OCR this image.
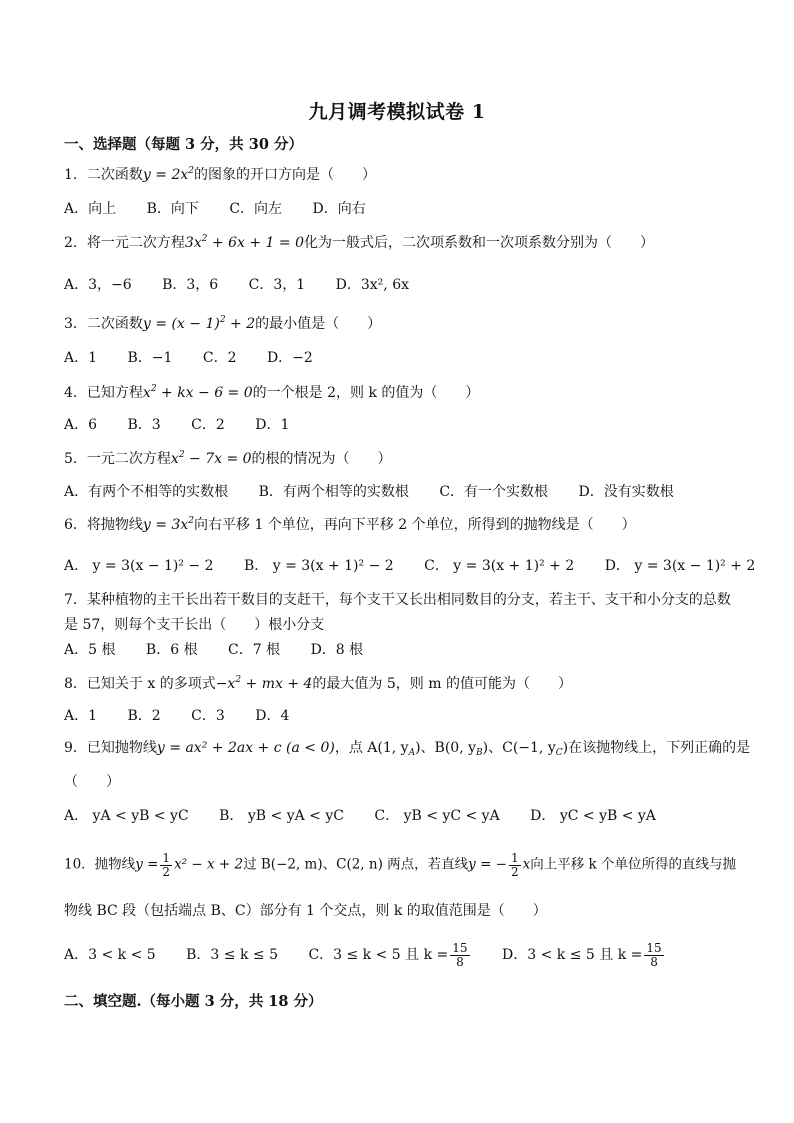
九月调考模拟试卷 1
一、选择题（每题 3 分，共 30 分）
1．二次函数$y = 2x^2$的图象的开口方向是（　　）
A．向上 B．向下 C．向左 D．向右
2．将一元二次方程$3x^2 + 6x + 1 = 0$化为一般式后，二次项系数和一次项系数分别为（　　）
A．3，−6 B．3，6 C．3，1 D．3x², 6x
3．二次函数$y = (x - 1)^2 + 2$的最小值是（　　）
A．1 B．−1 C．2 D．−2
4．已知方程$x^2$ + kx − 6 = 0的一个根是 2，则 k 的值为（　　）
A．6 B．3 C．2 D．1
5．一元二次方程$x^2 - 7x = 0$的根的情况为（　　）
A．有两个不相等的实数根 B．有两个相等的实数根 C．有一个实数根 D．没有实数根
6．将抛物线$y = 3x^2$向右平移 1 个单位，再向下平移 2 个单位，所得到的抛物线是（　　）
A． y = 3(x − 1)² − 2 B． y = 3(x + 1)² − 2 C． y = 3(x + 1)² + 2 D． y = 3(x − 1)² + 2
7．某种植物的主干长出若干数目的支赶干，每个支干又长出相同数目的分支，若主干、支干和小分支的总数
是 57，则每个支干长出（　　）根小分支
A．5 根 B．6 根 C．7 根 D．8 根
8．已知关于 x 的多项式$-x^2$ + mx + 4的最大值为 5，则 m 的值可能为（　　）
A．1 B．2 C．3 D．4
9．已知抛物线y = ax² + 2ax + c (a < 0)，点 A(1, $y_A$)、B(0, $y_B$)、C(−1, $y_C$)在该抛物线上，下列正确的是
（　　）
A． yA < yB < yC B． yB < yA < yC C． yB < yC < yA D． yC < yB < yA
10．抛物线$y = \frac{1}{2} x^2 - x + 2$过 B(−2, m)、C(2, n) 两点，若直线y = − $\frac{1}{2}$ x向上平移 k 个单位所得的直线与抛
物线 BC 段（包括端点 B、C）部分有 1 个交点，则 k 的取值范围是（　　）
A．3 < k < 5 B．3 ≤ k ≤ 5 C．3 ≤ k < 5 且 $k = \frac{15}{8}$ D．3 < k ≤ 5 且 $k = \frac{15}{8}$
二、填空题.（每小题 3 分，共 18 分）
